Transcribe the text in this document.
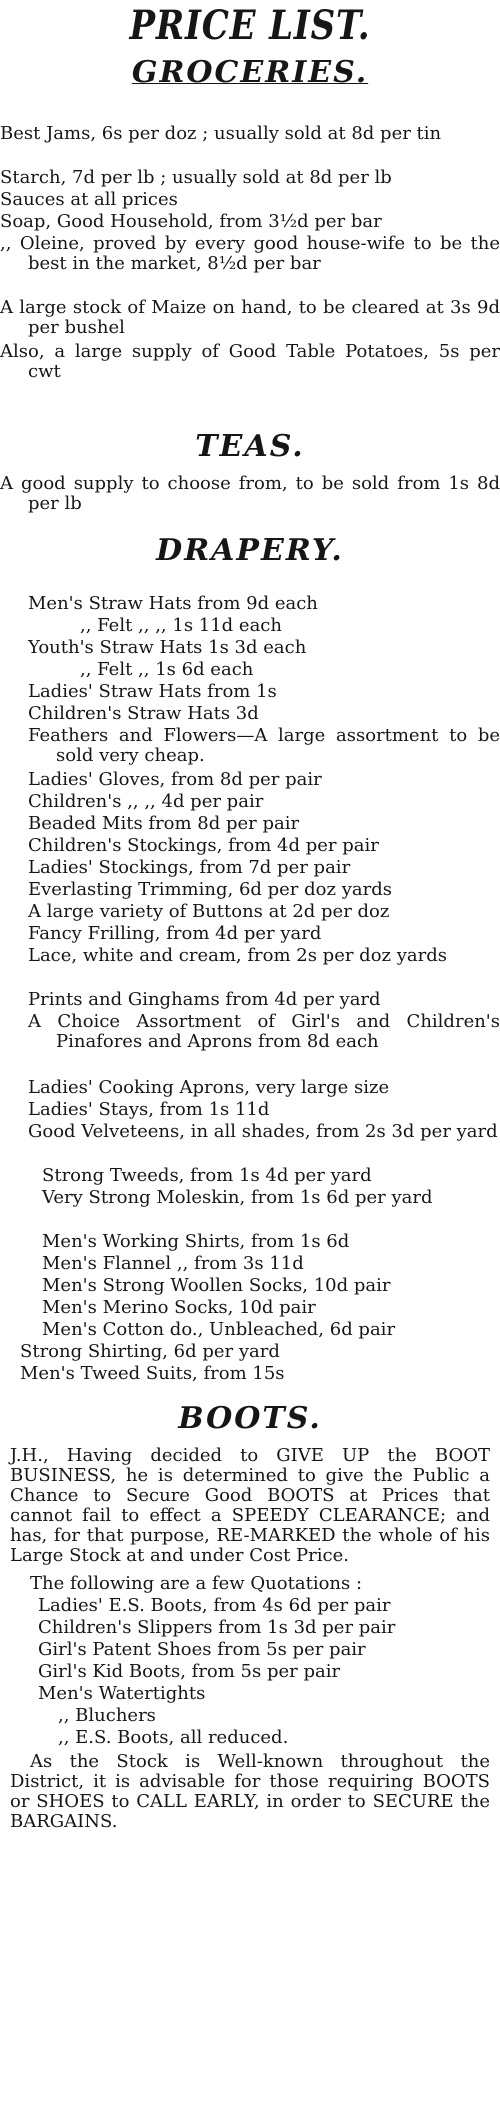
PRICE LIST.
GROCERIES.

Best Jams, 6s per doz ; usually sold at 8d per tin

Starch, 7d per lb ; usually sold at 8d per lb

Sauces at all prices

Soap, Good Household, from 3½d per bar

,, Oleine, proved by every good house-wife to be the best in the market, 8½d per bar

A large stock of Maize on hand, to be cleared at 3s 9d per bushel

Also, a large supply of Good Table Potatoes, 5s per cwt

TEAS.

A good supply to choose from, to be sold from 1s 8d per lb

DRAPERY.

Men's Straw Hats from 9d each

,, Felt ,, ,, 1s 11d each

Youth's Straw Hats 1s 3d each

,, Felt ,, 1s 6d each

Ladies' Straw Hats from 1s

Children's Straw Hats 3d

Feathers and Flowers—A large assortment to be sold very cheap.

Ladies' Gloves, from 8d per pair

Children's ,, ,, 4d per pair

Beaded Mits from 8d per pair

Children's Stockings, from 4d per pair

Ladies' Stockings, from 7d per pair

Everlasting Trimming, 6d per doz yards

A large variety of Buttons at 2d per doz

Fancy Frilling, from 4d per yard

Lace, white and cream, from 2s per doz yards

Prints and Ginghams from 4d per yard

A Choice Assortment of Girl's and Children's Pinafores and Aprons from 8d each

Ladies' Cooking Aprons, very large size

Ladies' Stays, from 1s 11d

Good Velveteens, in all shades, from 2s 3d per yard

Strong Tweeds, from 1s 4d per yard

Very Strong Moleskin, from 1s 6d per yard

Men's Working Shirts, from 1s 6d

Men's Flannel ,, from 3s 11d

Men's Strong Woollen Socks, 10d pair

Men's Merino Socks, 10d pair

Men's Cotton do., Unbleached, 6d pair

Strong Shirting, 6d per yard

Men's Tweed Suits, from 15s

BOOTS.

J.H., Having decided to GIVE UP the BOOT BUSINESS, he is determined to give the Public a Chance to Secure Good BOOTS at Prices that cannot fail to effect a SPEEDY CLEARANCE; and has, for that purpose, RE-MARKED the whole of his Large Stock at and under Cost Price.

The following are a few Quotations :

Ladies' E.S. Boots, from 4s 6d per pair

Children's Slippers from 1s 3d per pair

Girl's Patent Shoes from 5s per pair

Girl's Kid Boots, from 5s per pair

Men's Watertights

,, Bluchers

,, E.S. Boots, all reduced.

As the Stock is Well-known throughout the District, it is advisable for those requiring BOOTS or SHOES to CALL EARLY, in order to SECURE the BARGAINS.
